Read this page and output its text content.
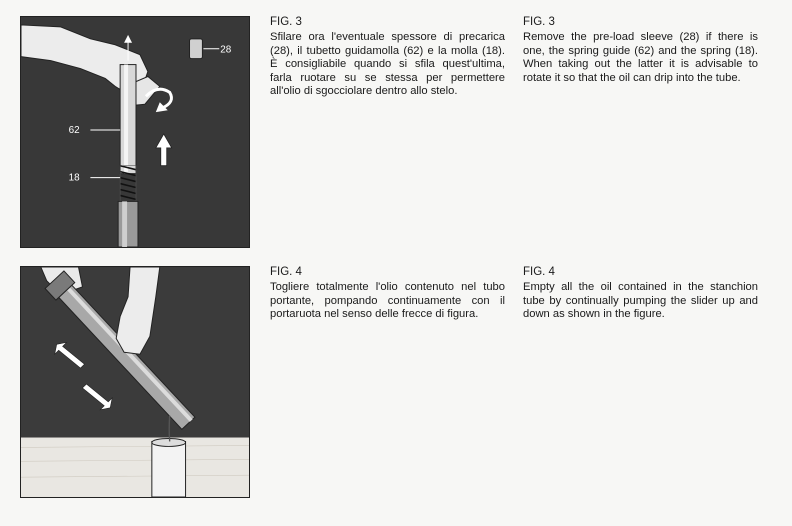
28
62
18

FIG. 3

Sfilare ora l'eventuale spessore di precarica (28), il tubetto guidamolla (62) e la molla (18). È consigliabile quando si sfila quest'ultima, farla ruotare su se stessa per permettere all'olio di sgocciolare dentro allo stelo.

FIG. 3

Remove the pre-load sleeve (28) if there is one, the spring guide (62) and the spring (18). When taking out the latter it is advisable to rotate it so that the oil can drip into the tube.

FIG. 4

Togliere totalmente l'olio contenuto nel tubo portante, pompando continuamente con il portaruota nel senso delle frecce di figura.

FIG. 4

Empty all the oil contained in the stanchion tube by continually pumping the slider up and down as shown in the figure.
